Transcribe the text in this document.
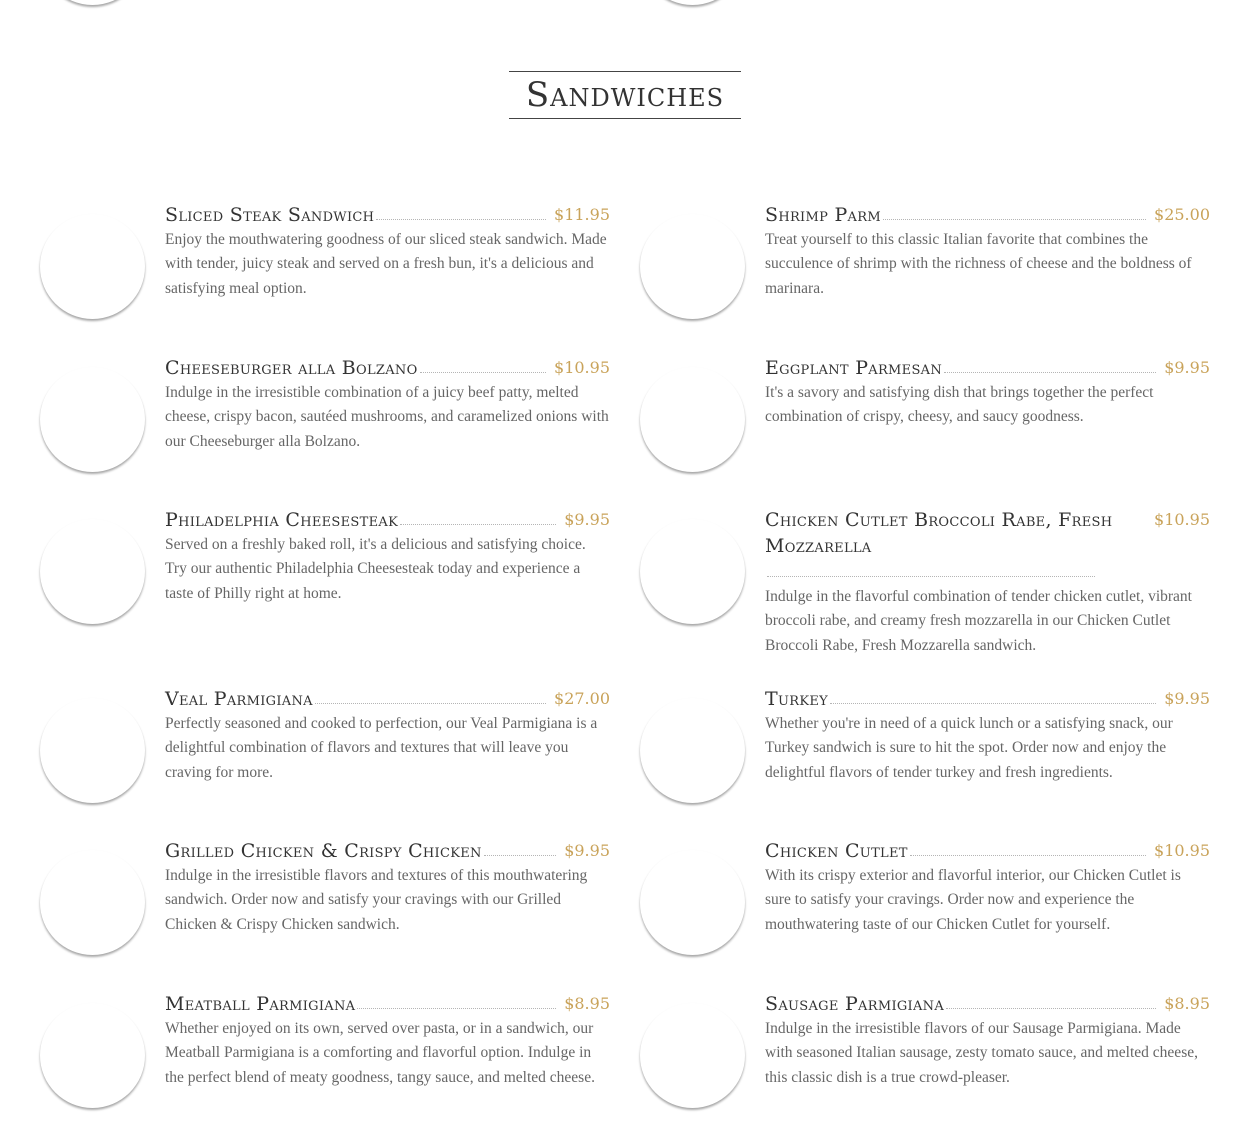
Sandwiches
Sliced Steak Sandwich	$11.95
Enjoy the mouthwatering goodness of our sliced steak sandwich. Made with tender, juicy steak and served on a fresh bun, it's a delicious and satisfying meal option.
Shrimp Parm	$25.00
Treat yourself to this classic Italian favorite that combines the succulence of shrimp with the richness of cheese and the boldness of marinara.
Cheeseburger alla Bolzano	$10.95
Indulge in the irresistible combination of a juicy beef patty, melted cheese, crispy bacon, sautéed mushrooms, and caramelized onions with our Cheeseburger alla Bolzano.
Eggplant Parmesan	$9.95
It's a savory and satisfying dish that brings together the perfect combination of crispy, cheesy, and saucy goodness.
Philadelphia Cheesesteak	$9.95
Served on a freshly baked roll, it's a delicious and satisfying choice. Try our authentic Philadelphia Cheesesteak today and experience a taste of Philly right at home.
Chicken Cutlet Broccoli Rabe, Fresh Mozzarella
$10.95
Indulge in the flavorful combination of tender chicken cutlet, vibrant broccoli rabe, and creamy fresh mozzarella in our Chicken Cutlet Broccoli Rabe, Fresh Mozzarella sandwich.
Veal Parmigiana	$27.00
Perfectly seasoned and cooked to perfection, our Veal Parmigiana is a delightful combination of flavors and textures that will leave you craving for more.
Turkey	$9.95
Whether you're in need of a quick lunch or a satisfying snack, our Turkey sandwich is sure to hit the spot. Order now and enjoy the delightful flavors of tender turkey and fresh ingredients.
Grilled Chicken & Crispy Chicken	$9.95
Indulge in the irresistible flavors and textures of this mouthwatering sandwich. Order now and satisfy your cravings with our Grilled Chicken & Crispy Chicken sandwich.
Chicken Cutlet	$10.95
With its crispy exterior and flavorful interior, our Chicken Cutlet is sure to satisfy your cravings. Order now and experience the mouthwatering taste of our Chicken Cutlet for yourself.
Meatball Parmigiana	$8.95
Whether enjoyed on its own, served over pasta, or in a sandwich, our Meatball Parmigiana is a comforting and flavorful option. Indulge in the perfect blend of meaty goodness, tangy sauce, and melted cheese.
Sausage Parmigiana	$8.95
Indulge in the irresistible flavors of our Sausage Parmigiana. Made with seasoned Italian sausage, zesty tomato sauce, and melted cheese, this classic dish is a true crowd-pleaser.
